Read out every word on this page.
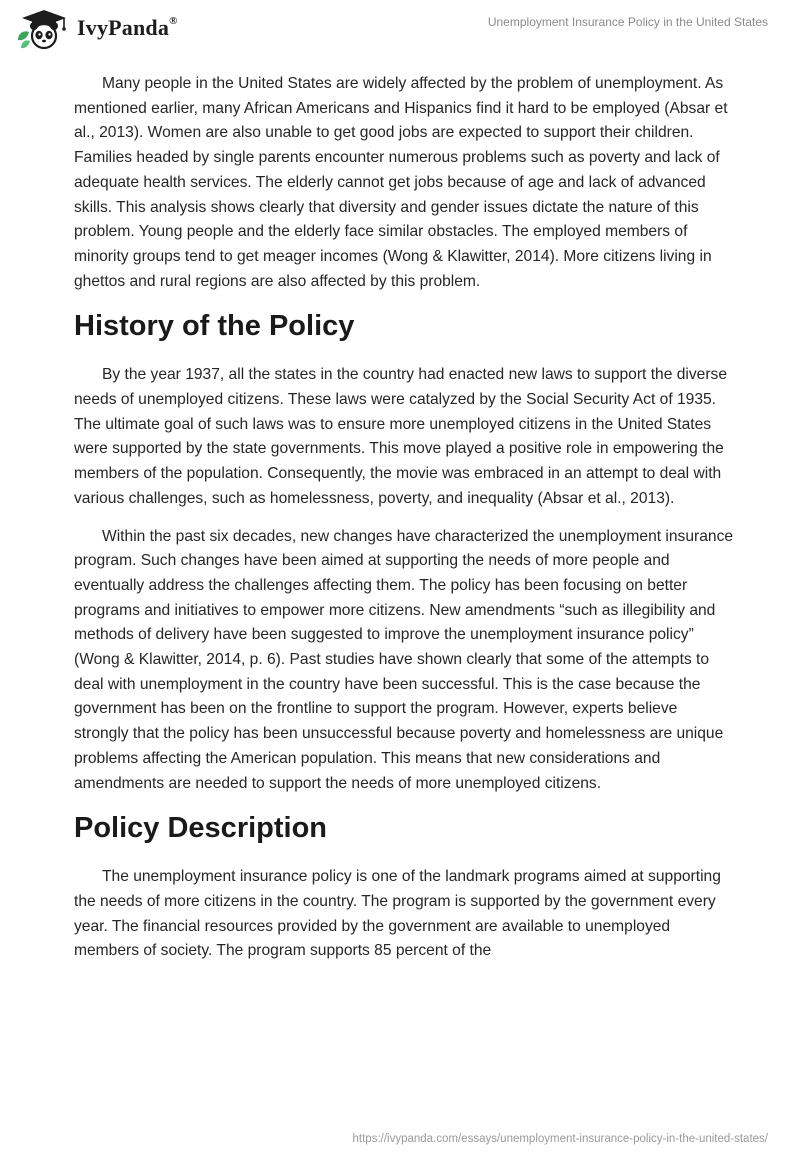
IvyPanda®	Unemployment Insurance Policy in the United States

Many people in the United States are widely affected by the problem of unemployment. As mentioned earlier, many African Americans and Hispanics find it hard to be employed (Absar et al., 2013). Women are also unable to get good jobs are expected to support their children. Families headed by single parents encounter numerous problems such as poverty and lack of adequate health services. The elderly cannot get jobs because of age and lack of advanced skills. This analysis shows clearly that diversity and gender issues dictate the nature of this problem. Young people and the elderly face similar obstacles. The employed members of minority groups tend to get meager incomes (Wong & Klawitter, 2014). More citizens living in ghettos and rural regions are also affected by this problem.

History of the Policy

By the year 1937, all the states in the country had enacted new laws to support the diverse needs of unemployed citizens. These laws were catalyzed by the Social Security Act of 1935. The ultimate goal of such laws was to ensure more unemployed citizens in the United States were supported by the state governments. This move played a positive role in empowering the members of the population. Consequently, the movie was embraced in an attempt to deal with various challenges, such as homelessness, poverty, and inequality (Absar et al., 2013).

Within the past six decades, new changes have characterized the unemployment insurance program. Such changes have been aimed at supporting the needs of more people and eventually address the challenges affecting them. The policy has been focusing on better programs and initiatives to empower more citizens. New amendments “such as illegibility and methods of delivery have been suggested to improve the unemployment insurance policy” (Wong & Klawitter, 2014, p. 6). Past studies have shown clearly that some of the attempts to deal with unemployment in the country have been successful. This is the case because the government has been on the frontline to support the program. However, experts believe strongly that the policy has been unsuccessful because poverty and homelessness are unique problems affecting the American population. This means that new considerations and amendments are needed to support the needs of more unemployed citizens.

Policy Description

The unemployment insurance policy is one of the landmark programs aimed at supporting the needs of more citizens in the country. The program is supported by the government every year. The financial resources provided by the government are available to unemployed members of society. The program supports 85 percent of the

https://ivypanda.com/essays/unemployment-insurance-policy-in-the-united-states/
